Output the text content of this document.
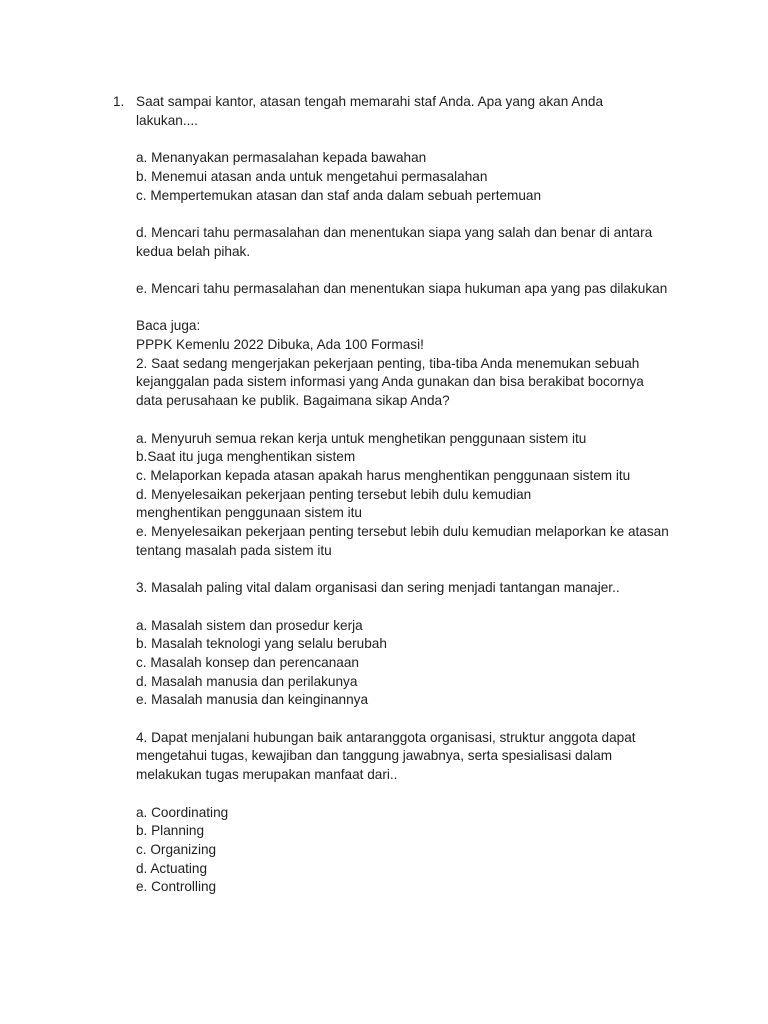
1. Saat sampai kantor, atasan tengah memarahi staf Anda. Apa yang akan Anda
lakukan....
a. Menanyakan permasalahan kepada bawahan
b. Menemui atasan anda untuk mengetahui permasalahan
c. Mempertemukan atasan dan staf anda dalam sebuah pertemuan
d. Mencari tahu permasalahan dan menentukan siapa yang salah dan benar di antara
kedua belah pihak.
e. Mencari tahu permasalahan dan menentukan siapa hukuman apa yang pas dilakukan
Baca juga:
PPPK Kemenlu 2022 Dibuka, Ada 100 Formasi!
2. Saat sedang mengerjakan pekerjaan penting, tiba-tiba Anda menemukan sebuah
kejanggalan pada sistem informasi yang Anda gunakan dan bisa berakibat bocornya
data perusahaan ke publik. Bagaimana sikap Anda?
a. Menyuruh semua rekan kerja untuk menghetikan penggunaan sistem itu
b.Saat itu juga menghentikan sistem
c. Melaporkan kepada atasan apakah harus menghentikan penggunaan sistem itu
d. Menyelesaikan pekerjaan penting tersebut lebih dulu kemudian
menghentikan penggunaan sistem itu
e. Menyelesaikan pekerjaan penting tersebut lebih dulu kemudian melaporkan ke atasan
tentang masalah pada sistem itu
3. Masalah paling vital dalam organisasi dan sering menjadi tantangan manajer..
a. Masalah sistem dan prosedur kerja
b. Masalah teknologi yang selalu berubah
c. Masalah konsep dan perencanaan
d. Masalah manusia dan perilakunya
e. Masalah manusia dan keinginannya
4. Dapat menjalani hubungan baik antaranggota organisasi, struktur anggota dapat
mengetahui tugas, kewajiban dan tanggung jawabnya, serta spesialisasi dalam
melakukan tugas merupakan manfaat dari..
a. Coordinating
b. Planning
c. Organizing
d. Actuating
e. Controlling
